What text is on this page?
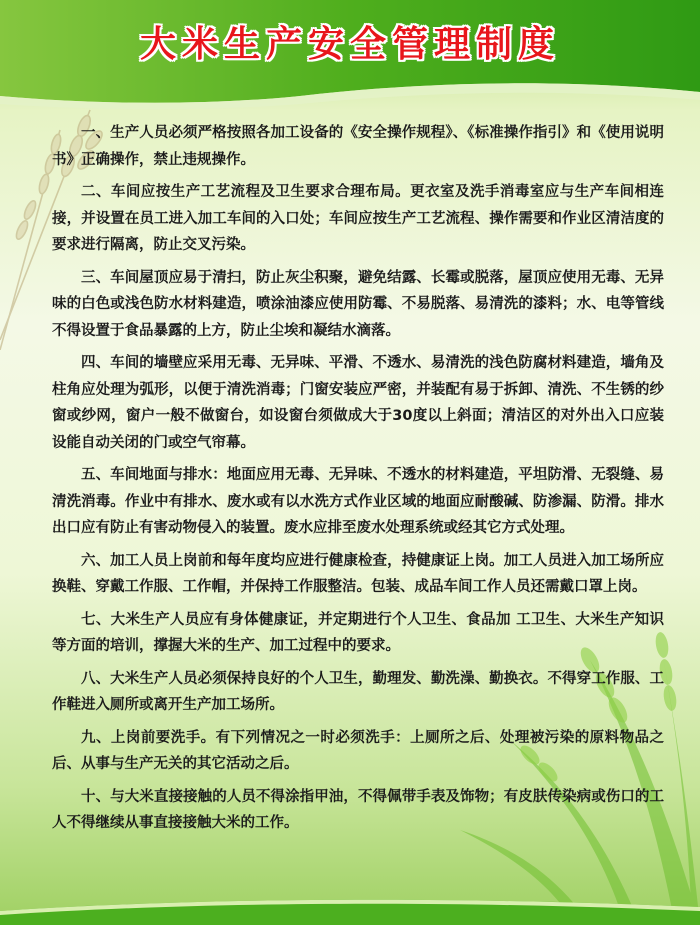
大米生产安全管理制度

一、生产人员必须严格按照各加工设备的《安全操作规程》、《标准操作指引》和《使用说明书》正确操作，禁止违规操作。

二、车间应按生产工艺流程及卫生要求合理布局。更衣室及洗手消毒室应与生产车间相连接，并设置在员工进入加工车间的入口处；车间应按生产工艺流程、操作需要和作业区清洁度的要求进行隔离，防止交叉污染。

三、车间屋顶应易于清扫，防止灰尘积聚，避免结露、长霉或脱落，屋顶应使用无毒、无异味的白色或浅色防水材料建造，喷涂油漆应使用防霉、不易脱落、易清洗的漆料；水、电等管线不得设置于食品暴露的上方，防止尘埃和凝结水滴落。

四、车间的墙壁应采用无毒、无异味、平滑、不透水、易清洗的浅色防腐材料建造，墙角及柱角应处理为弧形，以便于清洗消毒；门窗安装应严密，并装配有易于拆卸、清洗、不生锈的纱窗或纱网，窗户一般不做窗台，如设窗台须做成大于30度以上斜面；清洁区的对外出入口应装设能自动关闭的门或空气帘幕。

五、车间地面与排水：地面应用无毒、无异味、不透水的材料建造，平坦防滑、无裂缝、易清洗消毒。作业中有排水、废水或有以水洗方式作业区域的地面应耐酸碱、防渗漏、防滑。排水出口应有防止有害动物侵入的装置。废水应排至废水处理系统或经其它方式处理。

六、加工人员上岗前和每年度均应进行健康检查，持健康证上岗。加工人员进入加工场所应换鞋、穿戴工作服、工作帽，并保持工作服整洁。包装、成品车间工作人员还需戴口罩上岗。

七、大米生产人员应有身体健康证，并定期进行个人卫生、食品加 工卫生、大米生产知识等方面的培训，撑握大米的生产、加工过程中的要求。

八、大米生产人员必须保持良好的个人卫生，勤理发、勤洗澡、勤换衣。不得穿工作服、工作鞋进入厕所或离开生产加工场所。

九、上岗前要洗手。有下列情况之一时必须洗手：上厕所之后、处理被污染的原料物品之后、从事与生产无关的其它活动之后。

十、与大米直接接触的人员不得涂指甲油，不得佩带手表及饰物；有皮肤传染病或伤口的工人不得继续从事直接接触大米的工作。
